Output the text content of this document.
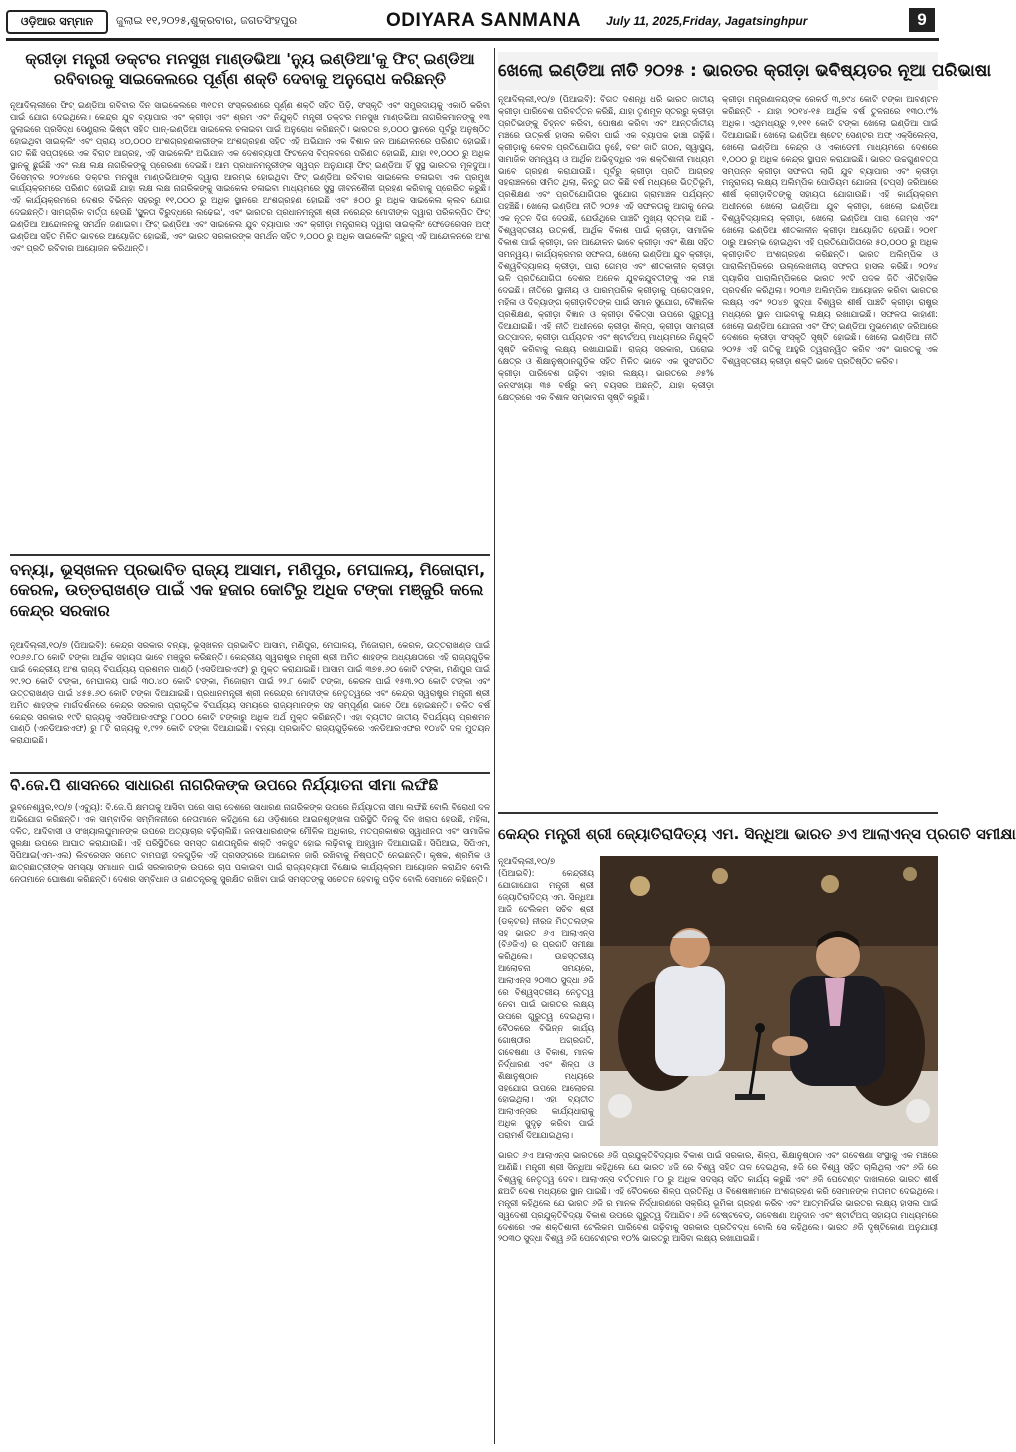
ଓଡ଼ିଆର ସମ୍ମାନ	ଜୁଲାଇ ୧୧,୨୦୨୫,ଶୁକ୍ରବାର, ଜଗତସିଂହପୁର	ODIYARA SANMANA July 11, 2025,Friday, Jagatsinghpur	9
କ୍ରୀଡ଼ା ମନ୍ତ୍ରୀ ଡକ୍ଟର ମନସୁଖ ମାଣ୍ଡଭିଆ 'ନ୍ୟୁ ଇଣ୍ଡିଆ'କୁ ଫିଟ୍ ଇଣ୍ଡିଆ ରବିବାରକୁ ସାଇକେଲରେ ପୂର୍ଣ୍ଣ ଶକ୍ତି ଦେବାକୁ ଅନୁରୋଧ କରିଛନ୍ତି

ନୂଆଦିଲ୍ଲୀରେ ଫିଟ୍ ଇଣ୍ଡିଆ ରବିବାର ଦିନ ସାଇକେଲରେ ୩୧ତମ ସଂସ୍କରଣରେ ପୂର୍ଣ୍ଣ ଶକ୍ତି ସହିତ ପିଡ଼ି, ସଂସ୍କୃତି ଏବଂ ସମ୍ପ୍ରଦାୟକୁ ଏକାଠି କରିବା ପାଇଁ ଯୋଗ ଦେଇଥିଲେ। କେନ୍ଦ୍ର ଯୁବ ବ୍ୟାପାର ଏବଂ କ୍ରୀଡ଼ା ଏବଂ ଶ୍ରମ ଏବଂ ନିଯୁକ୍ତି ମନ୍ତ୍ରୀ ଡକ୍ଟର ମନସୁଖ ମାଣ୍ଡଭିଆ ନାଗରିକମାନଙ୍କୁ ୧୩ ଜୁଲାଇରେ ପ୍ରସିଦ୍ଧ ସେଣ୍ଟ୍ରାଲ ଭିଷ୍ଟା ସହିତ ପାନ୍-ଇଣ୍ଡିଆ ସାଇକେଲ ଚଳାଇବା ପାଇଁ ଅନୁରୋଧ କରିଛନ୍ତି। ଭାରତର ୭,୦୦୦ ସ୍ଥାନରେ ପୂର୍ବରୁ ଅନୁଷ୍ଠିତ ହୋଇଥିବା ସାଇକ୍ଲିଂ ଏବଂ ପ୍ରାୟ ୪୦,୦୦୦ ଅଂଶଗ୍ରହଣକାରୀଙ୍କ ଅଂଶଗ୍ରହଣ ସହିତ ଏହି ଅଭିଯାନ ଏକ ବିଶାଳ ଜନ ଆନ୍ଦୋଳନରେ ପରିଣତ ହୋଇଛି। ଗତ କିଛି ସପ୍ତାହରେ ଏକ ବିରାଟ ଆଗ୍ରହ, ଏହି ସାଇକେଲିଂ ଅଭିଯାନ ଏକ ଦେଶବ୍ୟାପୀ ଫିଟନେସ ବିପ୍ଳବରେ ପରିଣତ ହୋଇଛି, ଯାହା ୧୧,୦୦୦ ରୁ ଅଧିକ ସ୍ଥାନକୁ ଛୁଇଁଛି ଏବଂ ଲକ୍ଷ ଲକ୍ଷ ନାଗରିକଙ୍କୁ ପ୍ରେରଣା ଦେଇଛି। ଆମ ପ୍ରଧାନମନ୍ତ୍ରୀଙ୍କ ସ୍ୱପ୍ନ ଅନୁଯାୟୀ ଫିଟ୍ ଇଣ୍ଡିଆ ହିଁ ସୁସ୍ଥ ଭାରତର ମୂଳଦୁଆ। ଡିସେମ୍ବର ୨୦୨୪ରେ ଡକ୍ଟର ମନସୁଖ ମାଣ୍ଡଭିଆଙ୍କ ଦ୍ୱାରା ଆରମ୍ଭ ହୋଇଥିବା ଫିଟ୍ ଇଣ୍ଡିଆ ରବିବାର ସାଇକେଲ ଚଳାଇବା ଏକ ପ୍ରମୁଖ କାର୍ଯ୍ୟକ୍ରମରେ ପରିଣତ ହୋଇଛି ଯାହା ଲକ୍ଷ ଲକ୍ଷ ନାଗରିକଙ୍କୁ ସାଇକେଲ ଚଳାଇବା ମାଧ୍ୟମରେ ସୁସ୍ଥ ଜୀବନଶୈଳୀ ଗ୍ରହଣ କରିବାକୁ ପ୍ରେରିତ କରୁଛି। ଏହି କାର୍ଯ୍ୟକ୍ରମରେ ଦେଶର ବିଭିନ୍ନ ସହରରୁ ୧୧,୦୦୦ ରୁ ଅଧିକ ସ୍ଥାନରେ ଅଂଶଗ୍ରହଣ ହୋଇଛି ଏବଂ ୫୦୦ ରୁ ଅଧିକ ସାଇକେଲ କ୍ଲବ ଯୋଗ ଦେଇଛନ୍ତି। ସାମଗ୍ରିକ ବାର୍ତ୍ତା ହେଉଛି 'ସ୍ଥୂଳତା ବିରୁଦ୍ଧରେ ଲଢେଇ', ଏବଂ ଭାରତର ପ୍ରଧାନମନ୍ତ୍ରୀ ଶ୍ରୀ ନରେନ୍ଦ୍ର ମୋଦୀଙ୍କ ଦ୍ୱାରା ପରିକଳ୍ପିତ ଫିଟ୍ ଇଣ୍ଡିଆ ଆନ୍ଦୋଳନକୁ ସମର୍ଥନ ଜଣାଇବା। ଫିଟ୍ ଇଣ୍ଡିଆ ଏବଂ ସାଇକେଲ ଯୁବ ବ୍ୟାପାର ଏବଂ କ୍ରୀଡ଼ା ମନ୍ତ୍ରାଳୟ ଦ୍ୱାରା ସାଇକ୍ଲିଂ ଫେଡେରେସନ ଅଫ୍ ଇଣ୍ଡିଆ ସହିତ ମିଳିତ ଭାବରେ ଆୟୋଜିତ ହୋଇଛି, ଏବଂ ଭାରତ ସରକାରଙ୍କ ସମର୍ଥନ ସହିତ ୨,୦୦୦ ରୁ ଅଧିକ ସାଇକେଲିଂ ଗ୍ରୁପ୍ ଏହି ଆନ୍ଦୋଳନରେ ଅଂଶ ଏବଂ ପ୍ରତି ରବିବାର ଆୟୋଜନ କରିଥାନ୍ତି।

ବନ୍ୟା, ଭୂସ୍ଖଳନ ପ୍ରଭାବିତ ରାଜ୍ୟ ଆସାମ, ମଣିପୁର, ମେଘାଳୟ, ମିଜୋରାମ, କେରଳ, ଉତ୍ତରାଖଣ୍ଡ ପାଇଁ ଏକ ହଜାର କୋଟିରୁ ଅଧିକ ଟଙ୍କା ମଞ୍ଜୁରି କଲେ କେନ୍ଦ୍ର ସରକାର

ନୂଆଦିଲ୍ଲୀ,୧୦/୭ (ପିଆଇବି): କେନ୍ଦ୍ର ସରକାର ବନ୍ୟା, ଭୂସ୍ଖଳନ ପ୍ରଭାବିତ ଆସାମ, ମଣିପୁର, ମେଘାଳୟ, ମିଜୋରାମ, କେରଳ, ଉତ୍ତରାଖଣ୍ଡ ପାଇଁ ୧୦୬୬.୮୦ କୋଟି ଟଙ୍କା ଆର୍ଥିକ ସହାୟତା ଭାବେ ମଞ୍ଜୁର କରିଛନ୍ତି। କେନ୍ଦ୍ରୀୟ ସ୍ୱରାଷ୍ଟ୍ର ମନ୍ତ୍ରୀ ଶ୍ରୀ ଅମିତ ଶାହଙ୍କ ଅଧ୍ୟକ୍ଷତାରେ ଏହି ରାଜ୍ୟଗୁଡ଼ିକ ପାଇଁ କେନ୍ଦ୍ରୀୟ ଅଂଶ ରାଜ୍ୟ ବିପର୍ଯ୍ୟୟ ପ୍ରଶମନ ପାଣ୍ଠି (ଏସଡିଆରଏଫ) ରୁ ମୁକ୍ତ କରାଯାଇଛି। ଆସାମ ପାଇଁ ୩୭୫.୬୦ କୋଟି ଟଙ୍କା, ମଣିପୁର ପାଇଁ ୨୯.୨୦ କୋଟି ଟଙ୍କା, ମେଘାଳୟ ପାଇଁ ୩୦.୪୦ କୋଟି ଟଙ୍କା, ମିଜୋରାମ ପାଇଁ ୨୨.୮ କୋଟି ଟଙ୍କା, କେରଳ ପାଇଁ ୧୫୩.୨୦ କୋଟି ଟଙ୍କା ଏବଂ ଉତ୍ତରାଖଣ୍ଡ ପାଇଁ ୪୫୫.୬୦ କୋଟି ଟଙ୍କା ଦିଆଯାଇଛି। ପ୍ରଧାନମନ୍ତ୍ରୀ ଶ୍ରୀ ନରେନ୍ଦ୍ର ମୋଦୀଙ୍କ ନେତୃତ୍ୱରେ ଏବଂ କେନ୍ଦ୍ର ସ୍ୱରାଷ୍ଟ୍ର ମନ୍ତ୍ରୀ ଶ୍ରୀ ଅମିତ ଶାହଙ୍କ ମାର୍ଗଦର୍ଶନରେ କେନ୍ଦ୍ର ସରକାର ପ୍ରାକୃତିକ ବିପର୍ଯ୍ୟୟ ସମୟରେ ରାଜ୍ୟମାନଙ୍କ ସହ ସମ୍ପୂର୍ଣ୍ଣ ଭାବେ ଠିଆ ହୋଇଛନ୍ତି। ଚଳିତ ବର୍ଷ କେନ୍ଦ୍ର ସରକାର ୧୯ଟି ରାଜ୍ୟକୁ ଏସଡିଆରଏଫରୁ ୮୦୦୦ କୋଟି ଟଙ୍କାରୁ ଅଧିକ ଅର୍ଥ ମୁକ୍ତ କରିଛନ୍ତି। ଏହା ବ୍ୟତୀତ ଜାତୀୟ ବିପର୍ଯ୍ୟୟ ପ୍ରଶମନ ପାଣ୍ଠି (ଏନଡିଆରଏଫ) ରୁ ୮ଟି ରାଜ୍ୟକୁ ୧,୯୨୨ କୋଟି ଟଙ୍କା ଦିଆଯାଇଛି। ବନ୍ୟା ପ୍ରଭାବିତ ରାଜ୍ୟଗୁଡ଼ିକରେ ଏନଡିଆରଏଫର ୧୦୪ଟି ଦଳ ମୁତୟନ କରାଯାଇଛି।

ବି.ଜେ.ପି ଶାସନରେ ସାଧାରଣ ନାଗରିକଙ୍କ ଉପରେ ନିର୍ଯ୍ୟାତନା ସୀମା ଲଙ୍ଘିଛି

ଭୁବନେଶ୍ୱର,୧୦/୭ (ଏବ୍ୟୁ): ବି.ଜେ.ପି କ୍ଷମତାକୁ ଆସିବା ପରେ ସାରା ଦେଶରେ ସାଧାରଣ ନାଗରିକଙ୍କ ଉପରେ ନିର୍ଯ୍ୟାତନା ସୀମା ଲଙ୍ଘିଛି ବୋଲି ବିରୋଧୀ ଦଳ ଅଭିଯୋଗ କରିଛନ୍ତି। ଏକ ସାମ୍ବାଦିକ ସମ୍ମିଳନୀରେ ନେତାମାନେ କହିଥିଲେ ଯେ ଓଡ଼ିଶାରେ ଆଇନଶୃଙ୍ଖଳା ପରିସ୍ଥିତି ଦିନକୁ ଦିନ ଖରାପ ହେଉଛି, ମହିଳା, ଦଳିତ, ଆଦିବାସୀ ଓ ସଂଖ୍ୟାଲଘୁମାନଙ୍କ ଉପରେ ଅତ୍ୟାଚାର ବଢ଼ିଚାଲିଛି। ଜନସାଧାରଣଙ୍କ ମୌଳିକ ଅଧିକାର, ମତପ୍ରକାଶର ସ୍ୱାଧୀନତା ଏବଂ ସାମାଜିକ ସୁରକ୍ଷା ଉପରେ ଆଘାତ କରାଯାଉଛି। ଏହି ପରିସ୍ଥିତିରେ ସମସ୍ତ ଗଣତାନ୍ତ୍ରିକ ଶକ୍ତି ଏକଜୁଟ ହୋଇ ଲଢ଼ିବାକୁ ଆହ୍ୱାନ ଦିଆଯାଇଛି। ସିପିଆଇ, ସିପିଏମ, ସିପିଆଇ(ଏମ-ଏଲ) ଲିବରେସନ ସମେତ ବାମପନ୍ଥୀ ଦଳଗୁଡ଼ିକ ଏହି ପ୍ରସଙ୍ଗରେ ଆନ୍ଦୋଳନ ଜାରି ରଖିବାକୁ ନିଷ୍ପତ୍ତି ନେଇଛନ୍ତି। କୃଷକ, ଶ୍ରମିକ ଓ ଛାତ୍ରଛାତ୍ରୀଙ୍କ ସମସ୍ୟା ସମାଧାନ ପାଇଁ ସରକାରଙ୍କ ଉପରେ ଚାପ ପକାଇବା ପାଇଁ ରାଜ୍ୟବ୍ୟାପୀ ବିକ୍ଷୋଭ କାର୍ଯ୍ୟକ୍ରମ ଆୟୋଜନ କରାଯିବ ବୋଲି ନେତାମାନେ ଘୋଷଣା କରିଛନ୍ତି। ଦେଶର ସମ୍ବିଧାନ ଓ ଗଣତନ୍ତ୍ରକୁ ସୁରକ୍ଷିତ ରଖିବା ପାଇଁ ସମସ୍ତଙ୍କୁ ସଚେତନ ହେବାକୁ ପଡ଼ିବ ବୋଲି ସେମାନେ କହିଛନ୍ତି।

ଖେଲୋ ଇଣ୍ଡିଆ ନୀତି ୨୦୨୫ : ଭାରତର କ୍ରୀଡ଼ା ଭବିଷ୍ୟତର ନୂଆ ପରିଭାଷା

ନୂଆଦିଲ୍ଲୀ,୧୦/୭ (ପିଆଇବି): ବିଗତ ଦଶନ୍ଧି ଧରି ଭାରତ ଜାତୀୟ କ୍ରୀଡ଼ା ପାରିବେଶ ପରିବର୍ତ୍ତନ କରିଛି, ଯାହା ତୃଣମୂଳ ସ୍ତରରୁ କ୍ରୀଡ଼ା ପ୍ରତିଭାଙ୍କୁ ଚିହ୍ନଟ କରିବା, ପୋଷଣ କରିବା ଏବଂ ଆନ୍ତର୍ଜାତୀୟ ମଞ୍ଚରେ ଉତ୍କର୍ଷ ହାସଲ କରିବା ପାଇଁ ଏକ ବ୍ୟାପକ ଢାଞ୍ଚା ଗଢ଼ିଛି। କ୍ରୀଡ଼ାକୁ କେବଳ ପ୍ରତିଯୋଗିତା ନୁହେଁ, ବରଂ ଜାତି ଗଠନ, ସ୍ୱାସ୍ଥ୍ୟ, ସାମାଜିକ ସମନ୍ୱୟ ଓ ଆର୍ଥିକ ଅଭିବୃଦ୍ଧିର ଏକ ଶକ୍ତିଶାଳୀ ମାଧ୍ୟମ ଭାବେ ଗ୍ରହଣ କରାଯାଉଛି। ପୂର୍ବରୁ କ୍ରୀଡ଼ା ପ୍ରତି ଆଗ୍ରହ ସହରାଞ୍ଚଳରେ ସୀମିତ ଥିଲା, କିନ୍ତୁ ଗତ କିଛି ବର୍ଷ ମଧ୍ୟରେ ଭିତ୍ତିଭୂମି, ପ୍ରଶିକ୍ଷଣ ଏବଂ ପ୍ରତିଯୋଗିତାର ସୁଯୋଗ ଗ୍ରାମାଞ୍ଚଳ ପର୍ଯ୍ୟନ୍ତ ପହଞ୍ଚିଛି। ଖେଲୋ ଇଣ୍ଡିଆ ନୀତି ୨୦୨୫ ଏହି ସଫଳତାକୁ ଆଗକୁ ନେଇ ଏକ ନୂତନ ଦିଗ ଦେଉଛି, ଯେଉଁଥିରେ ପାଞ୍ଚଟି ମୁଖ୍ୟ ସ୍ତମ୍ଭ ଅଛି - ବିଶ୍ୱସ୍ତରୀୟ ଉତ୍କର୍ଷ, ଆର୍ଥିକ ବିକାଶ ପାଇଁ କ୍ରୀଡ଼ା, ସାମାଜିକ ବିକାଶ ପାଇଁ କ୍ରୀଡ଼ା, ଜନ ଆନ୍ଦୋଳନ ଭାବେ କ୍ରୀଡ଼ା ଏବଂ ଶିକ୍ଷା ସହିତ ସମନ୍ୱୟ। କାର୍ଯ୍ୟକ୍ରମର ସଫଳତା, ଖେଲୋ ଇଣ୍ଡିଆ ଯୁବ କ୍ରୀଡ଼ା, ବିଶ୍ୱବିଦ୍ୟାଳୟ କ୍ରୀଡ଼ା, ପାରା ଗେମ୍ସ ଏବଂ ଶୀତକାଳୀନ କ୍ରୀଡ଼ା ଭଳି ପ୍ରତିଯୋଗିତା ଦେଶର ଅନେକ ଯୁବକଯୁବତୀଙ୍କୁ ଏକ ମଞ୍ଚ ଦେଇଛି। ନୀତିରେ ସ୍ଥାନୀୟ ଓ ପାରମ୍ପରିକ କ୍ରୀଡ଼ାକୁ ପ୍ରୋତ୍ସାହନ, ମହିଳା ଓ ଦିବ୍ୟାଙ୍ଗ କ୍ରୀଡ଼ାବିତଙ୍କ ପାଇଁ ସମାନ ସୁଯୋଗ, ବୈଜ୍ଞାନିକ ପ୍ରଶିକ୍ଷଣ, କ୍ରୀଡ଼ା ବିଜ୍ଞାନ ଓ କ୍ରୀଡ଼ା ଚିକିତ୍ସା ଉପରେ ଗୁରୁତ୍ୱ ଦିଆଯାଇଛି। ଏହି ନୀତି ଅଧୀନରେ କ୍ରୀଡ଼ା ଶିଳ୍ପ, କ୍ରୀଡ଼ା ସାମଗ୍ରୀ ଉତ୍ପାଦନ, କ୍ରୀଡ଼ା ପର୍ଯ୍ୟଟନ ଏବଂ ଷ୍ଟାର୍ଟଅପ୍ ମାଧ୍ୟମରେ ନିଯୁକ୍ତି ସୃଷ୍ଟି କରିବାକୁ ଲକ୍ଷ୍ୟ ରଖାଯାଇଛି। ରାଜ୍ୟ ସରକାର, ଘରୋଇ କ୍ଷେତ୍ର ଓ ଶିକ୍ଷାନୁଷ୍ଠାନଗୁଡ଼ିକ ସହିତ ମିଳିତ ଭାବେ ଏକ ସୁସଂଗଠିତ କ୍ରୀଡ଼ା ପାରିବେଶ ଗଢ଼ିବା ଏହାର ଲକ୍ଷ୍ୟ। ଭାରତରେ ୬୫% ଜନସଂଖ୍ୟା ୩୫ ବର୍ଷରୁ କମ୍ ବୟସର ଅଛନ୍ତି, ଯାହା କ୍ରୀଡ଼ା କ୍ଷେତ୍ରରେ ଏକ ବିଶାଳ ସମ୍ଭାବନା ସୃଷ୍ଟି କରୁଛି।

କ୍ରୀଡ଼ା ମନ୍ତ୍ରଣାଳୟଙ୍କ ରେକର୍ଡ ୩,୭୯୪ କୋଟି ଟଙ୍କା ଆବଣ୍ଟନ କରିଛନ୍ତି - ଯାହା ୨୦୧୪-୧୫ ଆର୍ଥିକ ବର୍ଷ ତୁଳନାରେ ୧୩୦.୯% ଅଧିକ। ଏଥିମଧ୍ୟରୁ ୨,୧୧୧ କୋଟି ଟଙ୍କା ଖେଲୋ ଇଣ୍ଡିଆ ପାଇଁ ଦିଆଯାଇଛି। ଖେଲୋ ଇଣ୍ଡିଆ ଷ୍ଟେଟ୍ ସେଣ୍ଟର ଅଫ୍ ଏକ୍ସିଲେନ୍ସ, ଖେଲୋ ଇଣ୍ଡିଆ କେନ୍ଦ୍ର ଓ ଏକାଡେମୀ ମାଧ୍ୟମରେ ଦେଶରେ ୧,୦୦୦ ରୁ ଅଧିକ କେନ୍ଦ୍ର ସ୍ଥାପନ କରାଯାଇଛି। ଭାରତ ଉଚ୍ଚଗୁଣବତ୍ତା ସମ୍ପନ୍ନ କ୍ରୀଡ଼ା ସଫଳତା ଲାଗି ଯୁବ ବ୍ୟାପାର ଏବଂ କ୍ରୀଡ଼ା ମନ୍ତ୍ରାଳୟ ଲକ୍ଷ୍ୟ ଅଲିମ୍ପିକ ପୋଡିୟମ ଯୋଜନା (ଟପ୍ସ) ଜରିଆରେ ଶୀର୍ଷ କ୍ରୀଡ଼ାବିତଙ୍କୁ ସହାୟତା ଯୋଗାଉଛି। ଏହି କାର୍ଯ୍ୟକ୍ରମ ଅଧୀନରେ ଖେଲୋ ଇଣ୍ଡିଆ ଯୁବ କ୍ରୀଡ଼ା, ଖେଲୋ ଇଣ୍ଡିଆ ବିଶ୍ୱବିଦ୍ୟାଳୟ କ୍ରୀଡ଼ା, ଖେଲୋ ଇଣ୍ଡିଆ ପାରା ଗେମ୍ସ ଏବଂ ଖେଲୋ ଇଣ୍ଡିଆ ଶୀତକାଳୀନ କ୍ରୀଡ଼ା ଆୟୋଜିତ ହେଉଛି। ୨୦୧୮ ଠାରୁ ଆରମ୍ଭ ହୋଇଥିବା ଏହି ପ୍ରତିଯୋଗିତାରେ ୫୦,୦୦୦ ରୁ ଅଧିକ କ୍ରୀଡ଼ାବିତ ଅଂଶଗ୍ରହଣ କରିଛନ୍ତି। ଭାରତ ଅଲିମ୍ପିକ ଓ ପାରାଲିମ୍ପିକରେ ଉଲ୍ଲେଖନୀୟ ସଫଳତା ହାସଲ କରିଛି। ୨୦୨୪ ପ୍ୟାରିସ ପାରାଲିମ୍ପିକରେ ଭାରତ ୨୯ଟି ପଦକ ଜିତି ଐତିହାସିକ ପ୍ରଦର୍ଶନ କରିଥିଲା। ୨୦୩୬ ଅଲିମ୍ପିକ ଆୟୋଜନ କରିବା ଭାରତର ଲକ୍ଷ୍ୟ ଏବଂ ୨୦୪୭ ସୁଦ୍ଧା ବିଶ୍ୱର ଶୀର୍ଷ ପାଞ୍ଚଟି କ୍ରୀଡ଼ା ରାଷ୍ଟ୍ର ମଧ୍ୟରେ ସ୍ଥାନ ପାଇବାକୁ ଲକ୍ଷ୍ୟ ରଖାଯାଇଛି। ସଫଳତା କାହାଣୀ: ଖେଲୋ ଇଣ୍ଡିଆ ଯୋଜନା ଏବଂ ଫିଟ୍ ଇଣ୍ଡିଆ ମୁଭମେଣ୍ଟ ଜରିଆରେ ଦେଶରେ କ୍ରୀଡ଼ା ସଂସ୍କୃତି ସୃଷ୍ଟି ହୋଇଛି। ଖେଲୋ ଇଣ୍ଡିଆ ନୀତି ୨୦୨୫ ଏହି ଗତିକୁ ଆହୁରି ତ୍ୱରାନ୍ୱିତ କରିବ ଏବଂ ଭାରତକୁ ଏକ ବିଶ୍ୱସ୍ତରୀୟ କ୍ରୀଡ଼ା ଶକ୍ତି ଭାବେ ପ୍ରତିଷ୍ଠିତ କରିବ।

କେନ୍ଦ୍ର ମନ୍ତ୍ରୀ ଶ୍ରୀ ଜ୍ୟୋତିରାଦିତ୍ୟ ଏମ. ସିନ୍ଧିଆ ଭାରତ ୬ଏ ଆଲାଏନ୍ସ ପ୍ରଗତି ସମୀକ୍ଷା

ନୂଆଦିଲ୍ଲୀ,୧୦/୭ (ପିଆଇବି): କେନ୍ଦ୍ରୀୟ ଯୋଗାଯୋଗ ମନ୍ତ୍ରୀ ଶ୍ରୀ ଜ୍ୟୋତିରାଦିତ୍ୟ ଏମ. ସିନ୍ଧିଆ ଆଜି ଟେଲିକମ ସଚିବ ଶ୍ରୀ (ଡକ୍ଟର) ନୀରଜ ମିତ୍ତଲଙ୍କ ସହ ଭାରତ ୬ଏ ଆଲାଏନ୍ସ (ବି୬ଜିଏ) ର ପ୍ରଗତି ସମୀକ୍ଷା କରିଥିଲେ। ଉଚ୍ଚସ୍ତରୀୟ ଆଲୋଚନା ସମୟରେ, ଆଲାଏନ୍ସ ୨୦୩୦ ସୁଦ୍ଧା ୬ଜି ରେ ବିଶ୍ୱସ୍ତରୀୟ ନେତୃତ୍ୱ ନେବା ପାଇଁ ଭାରତର ଲକ୍ଷ୍ୟ ଉପରେ ଗୁରୁତ୍ୱ ଦେଇଥିଲା। ବୈଠକରେ ବିଭିନ୍ନ କାର୍ଯ୍ୟ ଗୋଷ୍ଠୀର ଅଗ୍ରଗତି, ଗବେଷଣା ଓ ବିକାଶ, ମାନକ ନିର୍ଦ୍ଧାରଣ ଏବଂ ଶିଳ୍ପ ଓ ଶିକ୍ଷାନୁଷ୍ଠାନ ମଧ୍ୟରେ ସହଯୋଗ ଉପରେ ଆଲୋଚନା ହୋଇଥିଲା। ଏହା ବ୍ୟତୀତ ଆଲାଏନ୍ସର କାର୍ଯ୍ୟଧାରାକୁ ଅଧିକ ସୁଦୃଢ଼ କରିବା ପାଇଁ ପରାମର୍ଶ ଦିଆଯାଇଥିଲା।

ଭାରତ ୬ଏ ଆଲାଏନ୍ସ ଭାରତରେ ୬ଜି ପ୍ରଯୁକ୍ତିବିଦ୍ୟାର ବିକାଶ ପାଇଁ ସରକାର, ଶିଳ୍ପ, ଶିକ୍ଷାନୁଷ୍ଠାନ ଏବଂ ଗବେଷଣା ସଂସ୍ଥାକୁ ଏକ ମଞ୍ଚରେ ଆଣିଛି। ମନ୍ତ୍ରୀ ଶ୍ରୀ ସିନ୍ଧିଆ କହିଥିଲେ ଯେ ଭାରତ ୪ଜି ରେ ବିଶ୍ୱ ସହିତ ତାଳ ଦେଇଥିଲା, ୫ଜି ରେ ବିଶ୍ୱ ସହିତ ଚାଲିଥିଲା ଏବଂ ୬ଜି ରେ ବିଶ୍ୱକୁ ନେତୃତ୍ୱ ଦେବ। ଆଲାଏନ୍ସ ବର୍ତ୍ତମାନ ୮୦ ରୁ ଅଧିକ ସଦସ୍ୟ ସହିତ କାର୍ଯ୍ୟ କରୁଛି ଏବଂ ୬ଜି ପେଟେଣ୍ଟ ଦାଖଲରେ ଭାରତ ଶୀର୍ଷ ଛଅଟି ଦେଶ ମଧ୍ୟରେ ସ୍ଥାନ ପାଇଛି। ଏହି ବୈଠକରେ ଶିଳ୍ପ ପ୍ରତିନିଧି ଓ ବିଶେଷଜ୍ଞମାନେ ଅଂଶଗ୍ରହଣ କରି ସେମାନଙ୍କ ମତାମତ ଦେଇଥିଲେ। ମନ୍ତ୍ରୀ କହିଥିଲେ ଯେ ଭାରତ ୬ଜି ର ମାନକ ନିର୍ଦ୍ଧାରଣରେ ସକ୍ରିୟ ଭୂମିକା ଗ୍ରହଣ କରିବ ଏବଂ ଆତ୍ମନିର୍ଭର ଭାରତର ଲକ୍ଷ୍ୟ ହାସଲ ପାଇଁ ସ୍ୱଦେଶୀ ପ୍ରଯୁକ୍ତିବିଦ୍ୟା ବିକାଶ ଉପରେ ଗୁରୁତ୍ୱ ଦିଆଯିବ। ୬ଜି ଟେଷ୍ଟବେଡ୍, ଗବେଷଣା ଅନୁଦାନ ଏବଂ ଷ୍ଟାର୍ଟଅପ୍ ସହାୟତା ମାଧ୍ୟମରେ ଦେଶରେ ଏକ ଶକ୍ତିଶାଳୀ ଟେଲିକମ ପାରିବେଶ ଗଢ଼ିବାକୁ ସରକାର ପ୍ରତିବଦ୍ଧ ବୋଲି ସେ କହିଥିଲେ। ଭାରତ ୬ଜି ଦୃଷ୍ଟିକୋଣ ଅନୁଯାୟୀ ୨୦୩୦ ସୁଦ୍ଧା ବିଶ୍ୱ ୬ଜି ପେଟେଣ୍ଟର ୧୦% ଭାରତରୁ ଆସିବା ଲକ୍ଷ୍ୟ ରଖାଯାଇଛି।
